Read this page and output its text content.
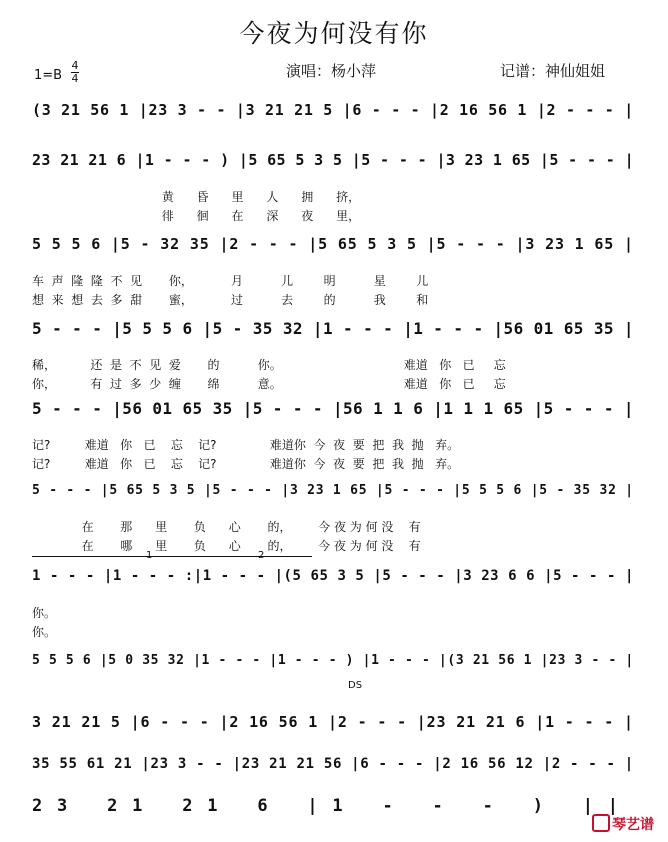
今夜为何没有你
1=B
4
4	演唱：杨小萍	记谱：神仙姐姐
(3 21 56 1 |23 3 - - |3 21 21 5 |6 - - - |2 16 56 1 |2 - - - |
23 21 21 6 |1 - - - ) |5 65 5 3 5 |5 - - - |3 23 1 65 |5 - - - |
黄      昏      里      人      拥      挤，
徘      徊      在      深      夜      里，
5 5 5 6 |5 - 32 35 |2 - - - |5 65 5 3 5 |5 - - - |3 23 1 65 |
车  声  隆  隆  不  见       你，          月          儿        明          星        儿
想  来  想  去  多  甜       蜜，          过          去        的          我        和
5 - - - |5 5 5 6 |5 - 35 32 |1 - - - |1 - - - |56 01 65 35 |
稀，         还  是  不  见  爱       的          你。                                难道   你   已     忘
你，         有  过  多  少  缠       绵          意。                                难道   你   已     忘
5 - - - |56 01 65 35 |5 - - - |56 1 1 6 |1 1 1 65 |5 - - - |
记?         难道   你   已    忘    记?              难道你  今  夜  要  把  我  抛   弃。
记?         难道   你   已    忘    记?              难道你  今  夜  要  把  我  抛   弃。
5 - - - |5 65 5 3 5 |5 - - - |3 23 1 65 |5 - - - |5 5 5 6 |5 - 35 32 |
在       那      里       负      心       的，       今 夜 为 何 没    有
在       哪      里       负      心       的，       今 夜 为 何 没    有
1 - - - |1 - - - :|1 - - - |(5 65 3 5 |5 - - - |3 23 6 6 |5 - - - |
你。
你。
1	2
5 5 5 6 |5 0 35 32 |1 - - - |1 - - - ) |1 - - - |(3 21 56 1 |23 3 - - |
DS
3 21 21 5 |6 - - - |2 16 56 1 |2 - - - |23 21 21 6 |1 - - - |
35 55 61 21 |23 3 - - |23 21 21 56 |6 - - - |2 16 56 12 |2 - - - |
23 21 21 6 |1 - - - ) ||
琴艺谱
